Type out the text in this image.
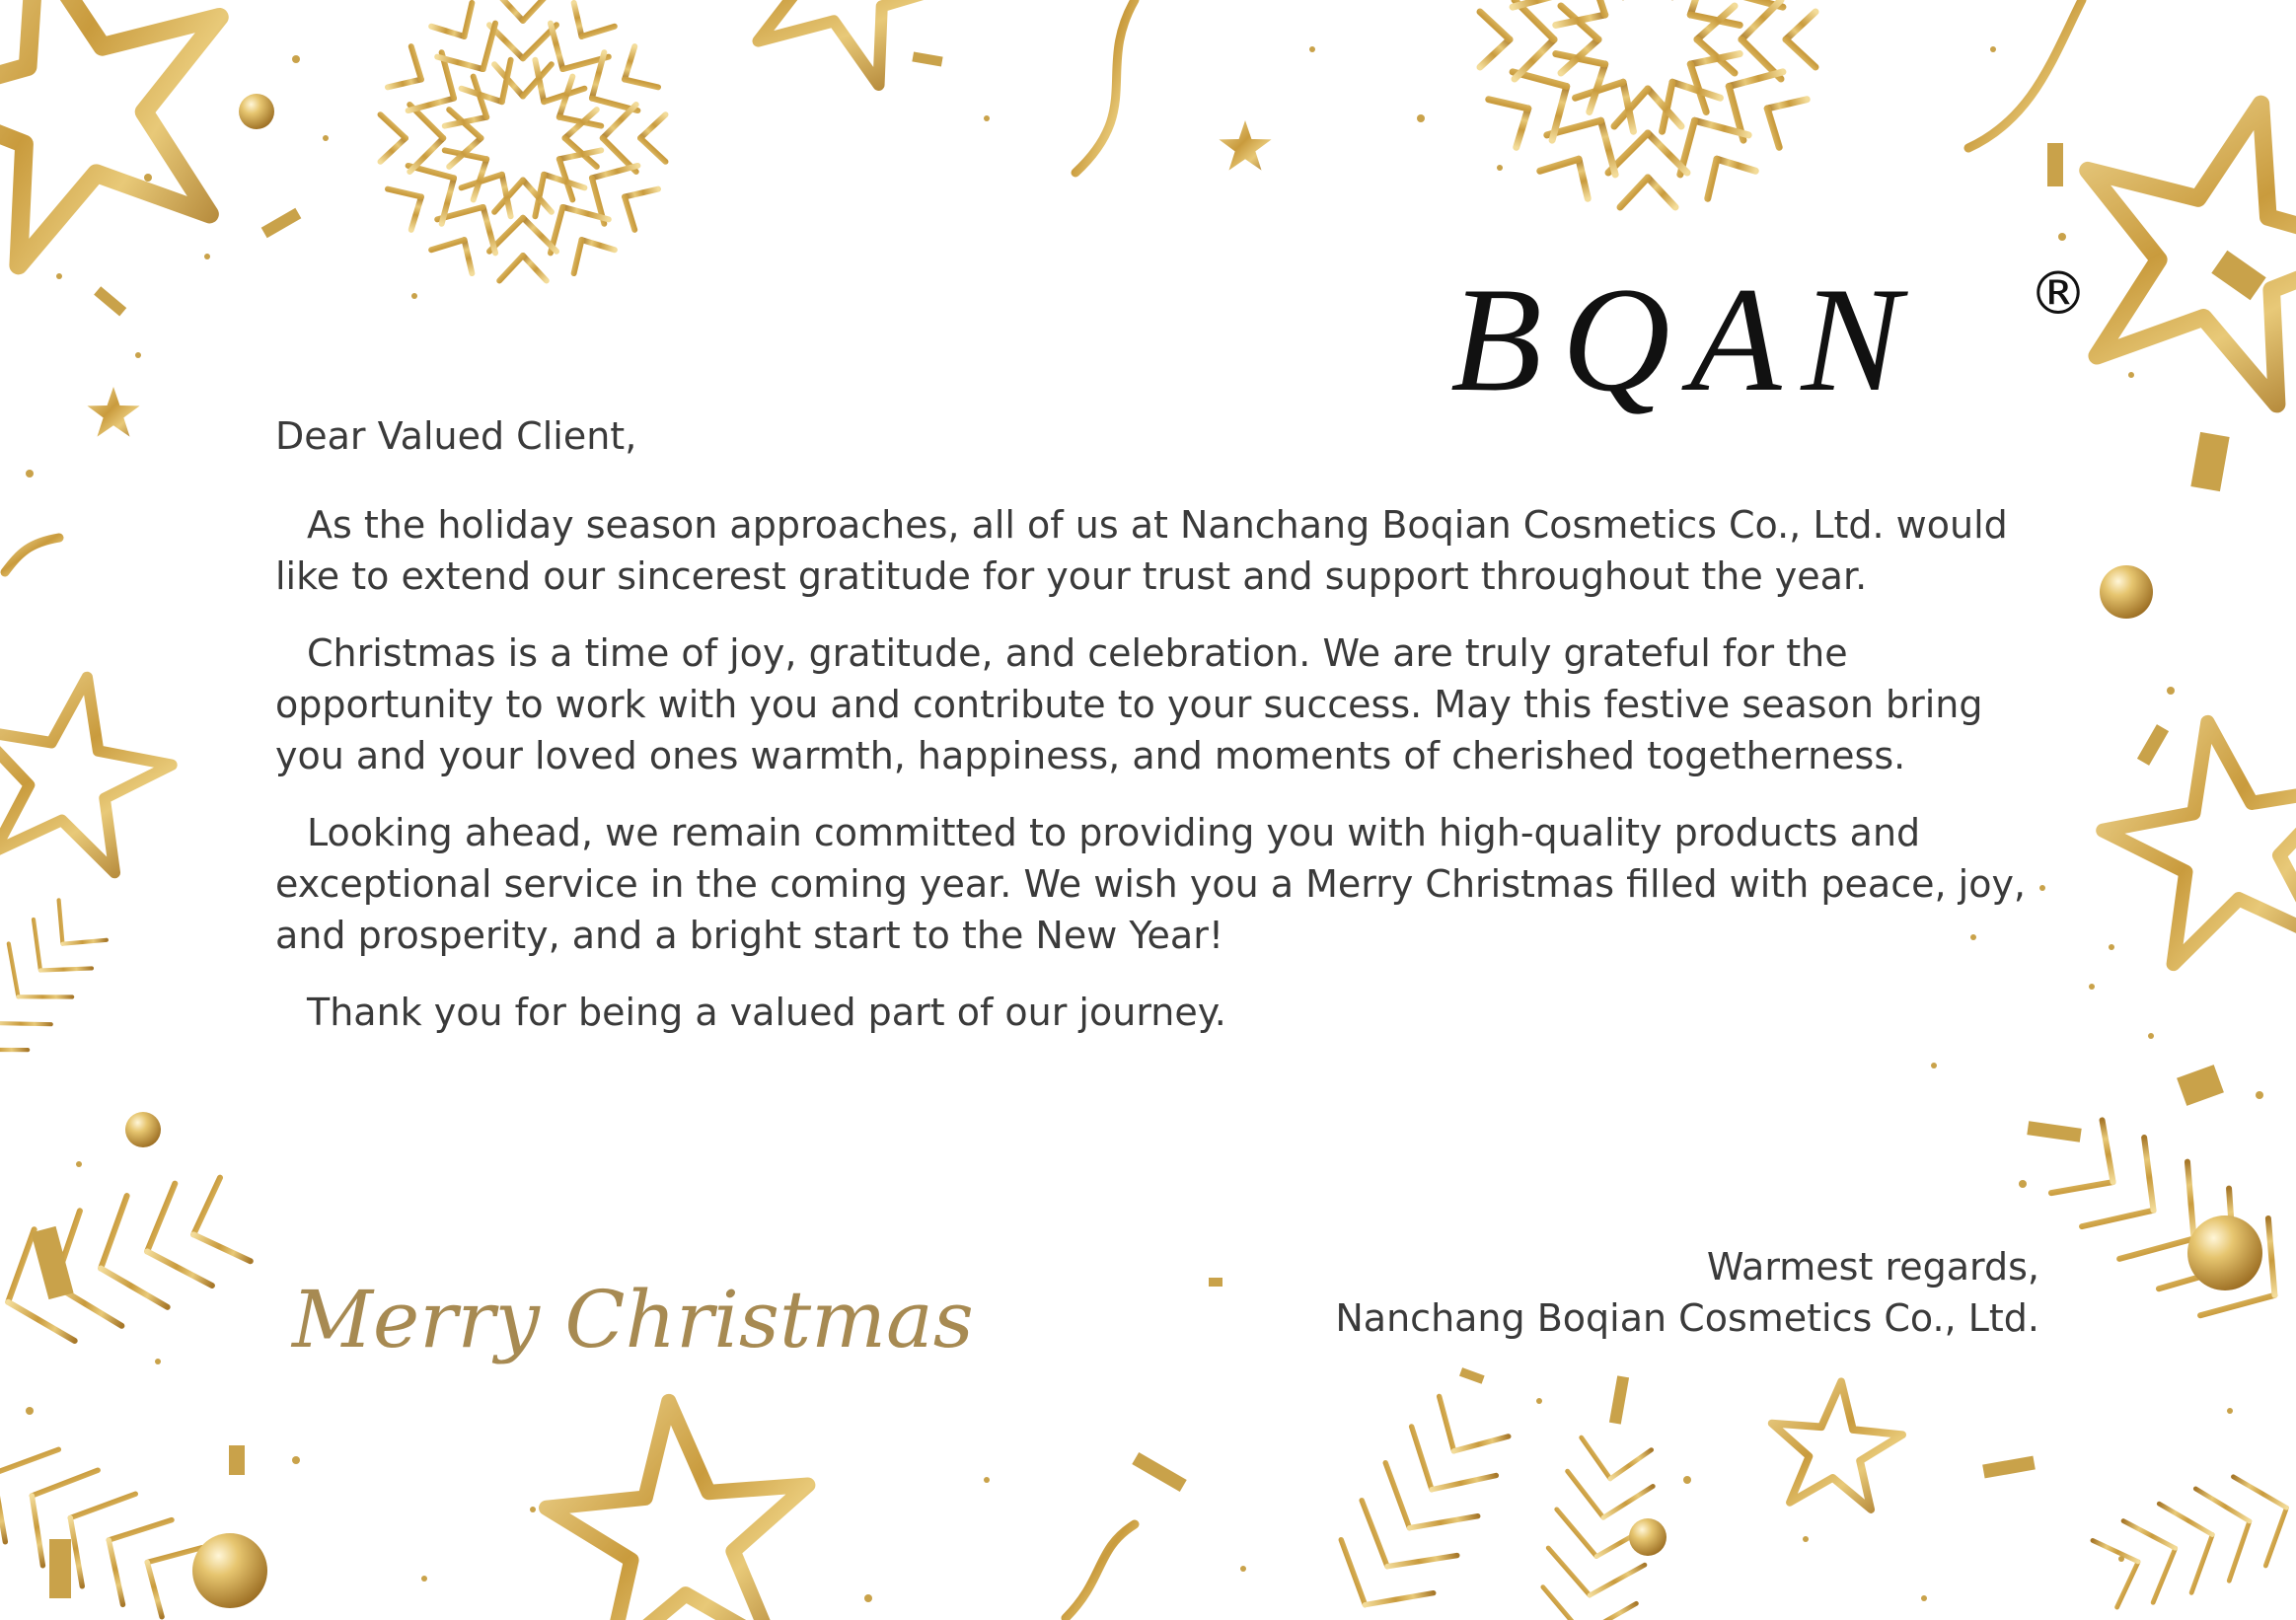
BQAN ®

Dear Valued Client,

As the holiday season approaches, all of us at Nanchang Boqian Cosmetics Co., Ltd. would like to extend our sincerest gratitude for your trust and support throughout the year.

Christmas is a time of joy, gratitude, and celebration. We are truly grateful for the opportunity to work with you and contribute to your success. May this festive season bring you and your loved ones warmth, happiness, and moments of cherished togetherness.

Looking ahead, we remain committed to providing you with high-quality products and exceptional service in the coming year. We wish you a Merry Christmas filled with peace, joy, and prosperity, and a bright start to the New Year!

Thank you for being a valued part of our journey.

Warmest regards,
Nanchang Boqian Cosmetics Co., Ltd.
Merry Christmas
